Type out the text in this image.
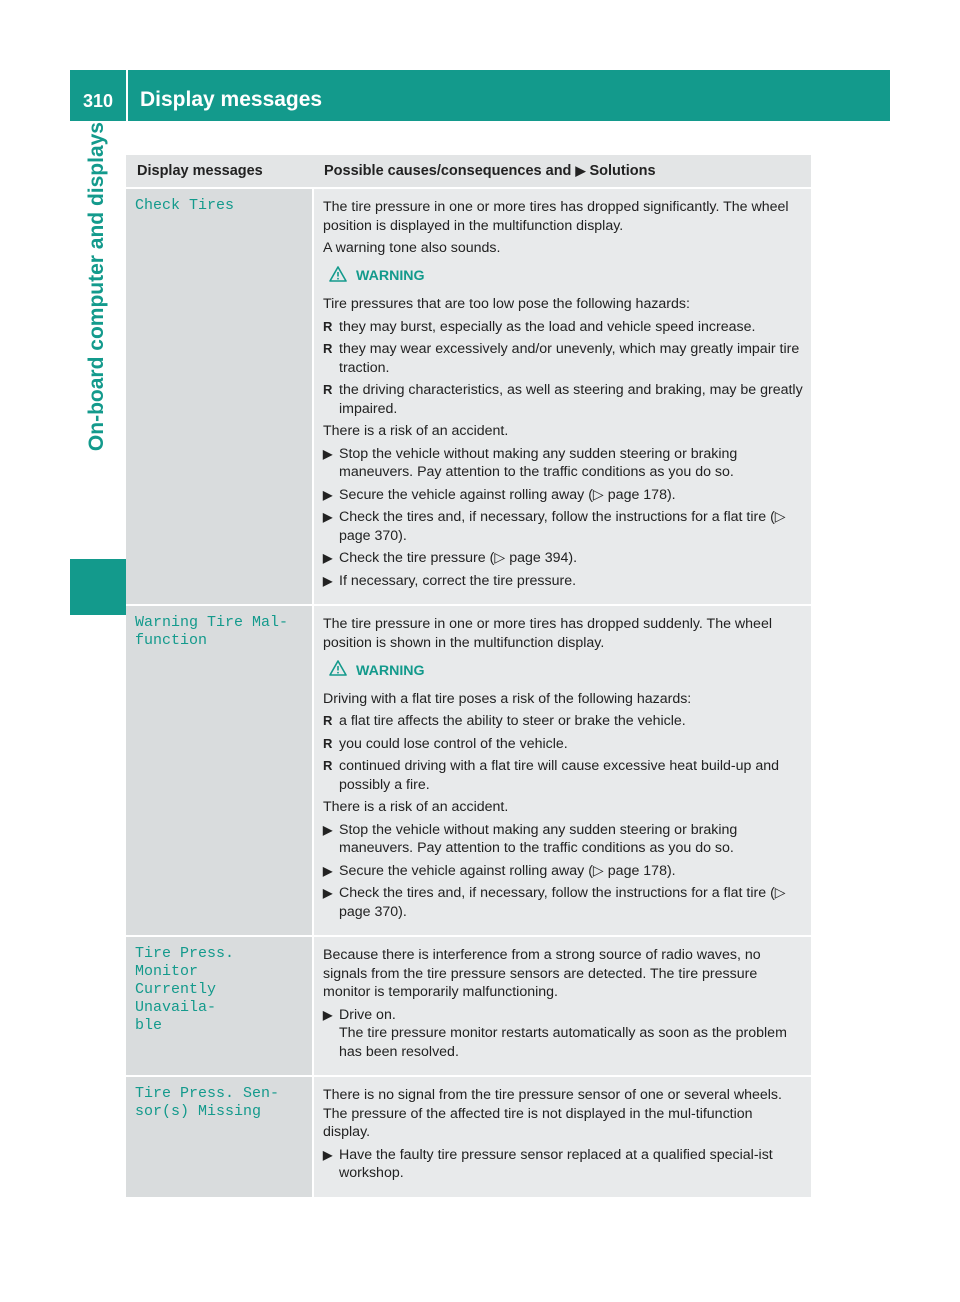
310	Display messages
On-board computer and displays	Display messages	Possible causes/consequences and ▶ Solutions
Check Tires	The tire pressure in one or more tires has dropped significantly. The wheel position is displayed in the multifunction display.

A warning tone also sounds.

WARNING

Tire pressures that are too low pose the following hazards:

R they may burst, especially as the load and vehicle speed increase.
R they may wear excessively and/or unevenly, which may greatly impair tire traction.
R the driving characteristics, as well as steering and braking, may be greatly impaired.

There is a risk of an accident.

▶ Stop the vehicle without making any sudden steering or braking maneuvers. Pay attention to the traffic conditions as you do so.
▶ Secure the vehicle against rolling away (▷ page 178).
▶ Check the tires and, if necessary, follow the instructions for a flat tire (▷ page 370).
▶ Check the tire pressure (▷ page 394).
▶ If necessary, correct the tire pressure.
Warning Tire Mal‐
function

The tire pressure in one or more tires has dropped suddenly. The wheel position is shown in the multifunction display.

WARNING

Driving with a flat tire poses a risk of the following hazards:

R a flat tire affects the ability to steer or brake the vehicle.
R you could lose control of the vehicle.
R continued driving with a flat tire will cause excessive heat build-up and possibly a fire.

There is a risk of an accident.

▶ Stop the vehicle without making any sudden steering or braking maneuvers. Pay attention to the traffic conditions as you do so.
▶ Secure the vehicle against rolling away (▷ page 178).
▶ Check the tires and, if necessary, follow the instructions for a flat tire (▷ page 370).
Tire Press. Monitor
Currently Unavaila‐
ble

Because there is interference from a strong source of radio waves, no signals from the tire pressure sensors are detected. The tire pressure monitor is temporarily malfunctioning.

▶ Drive on.
The tire pressure monitor restarts automatically as soon as the problem has been resolved.
Tire Press. Sen‐
sor(s) Missing

There is no signal from the tire pressure sensor of one or several wheels. The pressure of the affected tire is not displayed in the mul‐tifunction display.

▶ Have the faulty tire pressure sensor replaced at a qualified special‐ist workshop.
